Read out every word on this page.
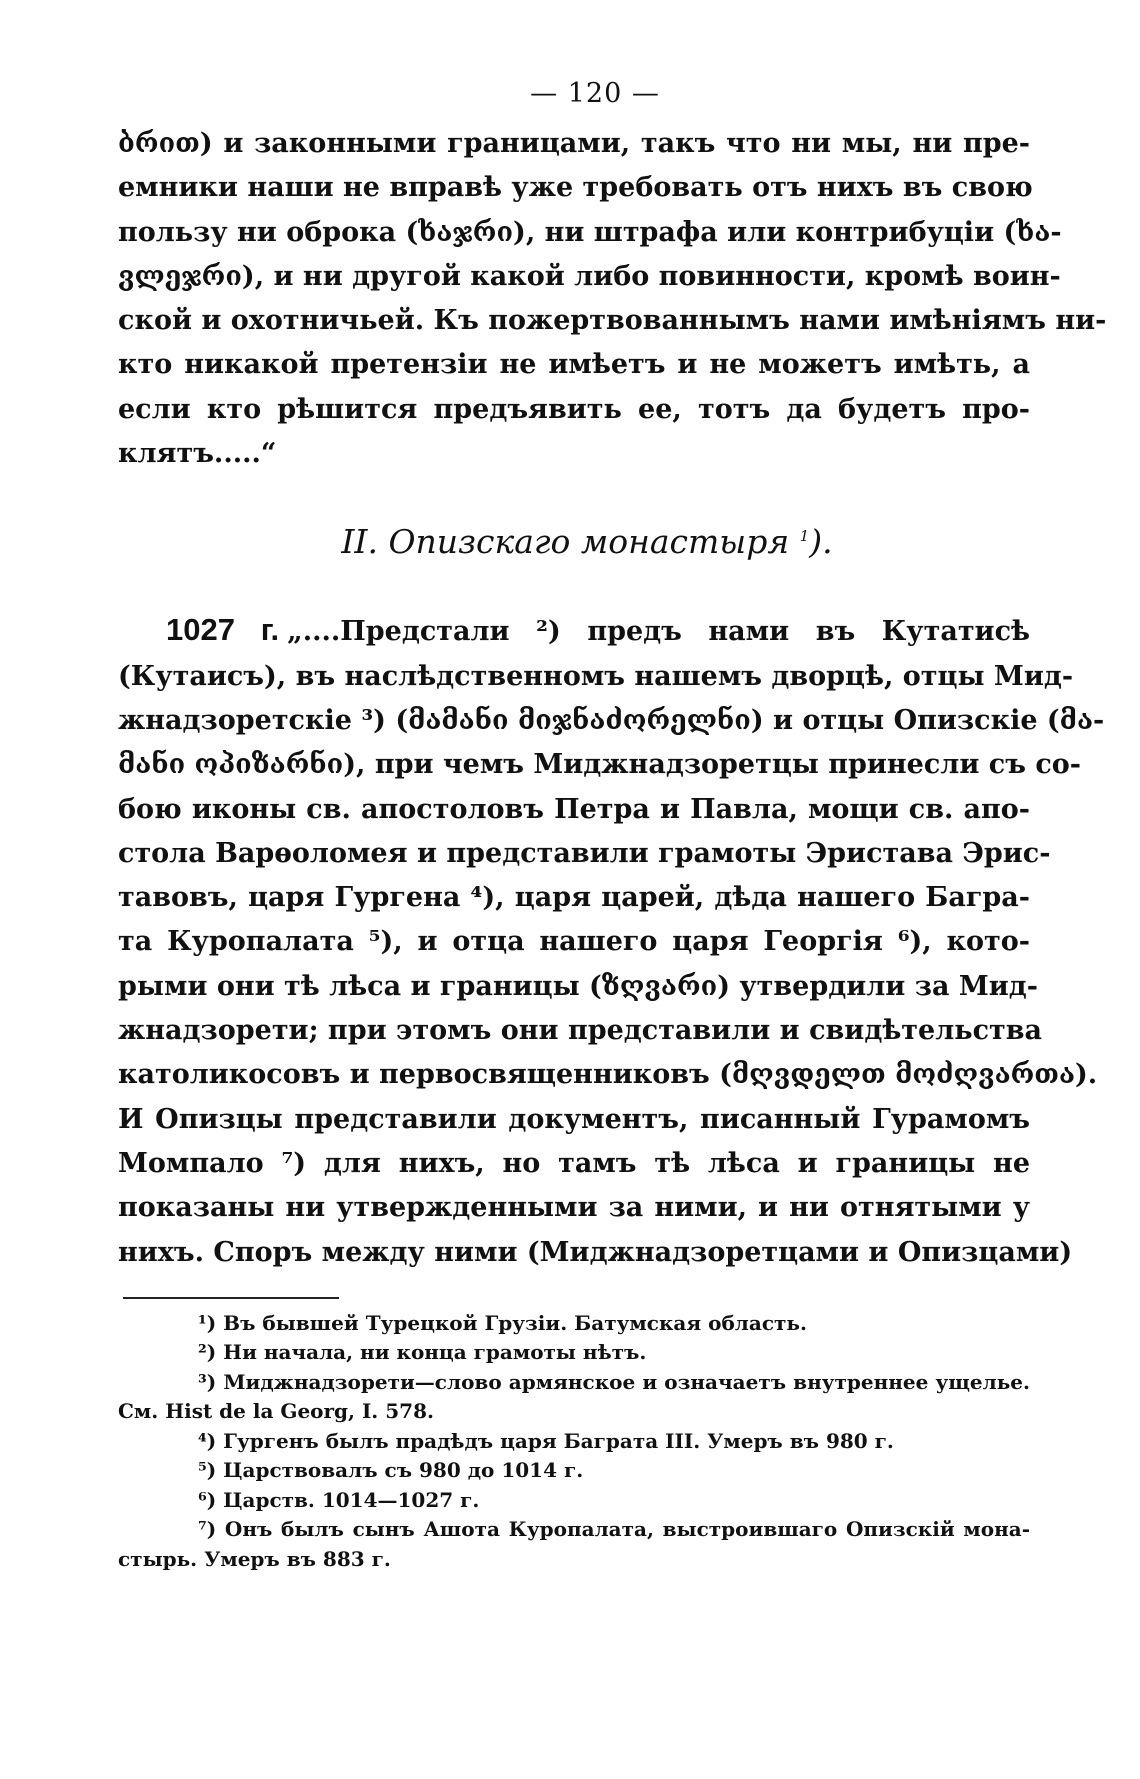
— 120 —

ბრით) и законными границами, такъ что ни мы, ни пре-
емники наши не вправѣ уже требовать отъ нихъ въ свою
пользу ни оброка (ხაჯრი), ни штрафа или контрибуціи (ხა-
ვლეჯრი), и ни другой какой либо повинности, кромѣ воин-
ской и охотничьей. Къ пожертвованнымъ нами имѣніямъ ни-
кто никакой претензіи не имѣетъ и не можетъ имѣть, а
если кто рѣшится предъявить ее, тотъ да будетъ про-
клятъ.....“

II. Опизскаго монастыря $^1$).

1027 г. „....Предстали ²) предъ нами въ Кутатисѣ
(Кутаисъ), въ наслѣдственномъ нашемъ дворцѣ, отцы Мид-
жнадзоретскіе ³) (მამანი მიჯნაძორელნი) и отцы Опизскіе (მა-
მანი ოპიზარნი), при чемъ Миджнадзоретцы принесли съ со-
бою иконы св. апостоловъ Петра и Павла, мощи св. апо-
стола Варѳоломея и представили грамоты Эристава Эрис-
тавовъ, царя Гургена ⁴), царя царей, дѣда нашего Багра-
та Куропалата ⁵), и отца нашего царя Георгія ⁶), кото-
рыми они тѣ лѣса и границы (ზღვარი) утвердили за Мид-
жнадзорети; при этомъ они представили и свидѣтельства
католикосовъ и первосвященниковъ (მღვდელთ მოძღვართა).
И Опизцы представили документъ, писанный Гурамомъ
Момпало ⁷) для нихъ, но тамъ тѣ лѣса и границы не
показаны ни утвержденными за ними, и ни отнятыми у
нихъ. Споръ между ними (Миджнадзоретцами и Опизцами)

¹) Въ бывшей Турецкой Грузіи. Батумская область.
²) Ни начала, ни конца грамоты нѣтъ.
³) Миджнадзорети—слово армянское и означаетъ внутреннее ущелье.
См. Hist de la Georg, I. 578.
⁴) Гургенъ былъ прадѣдъ царя Баграта III. Умеръ въ 980 г.
⁵) Царствовалъ съ 980 до 1014 г.
⁶) Царств. 1014—1027 г.
⁷) Онъ былъ сынъ Ашота Куропалата, выстроившаго Опизскій мона-
стырь. Умеръ въ 883 г.
